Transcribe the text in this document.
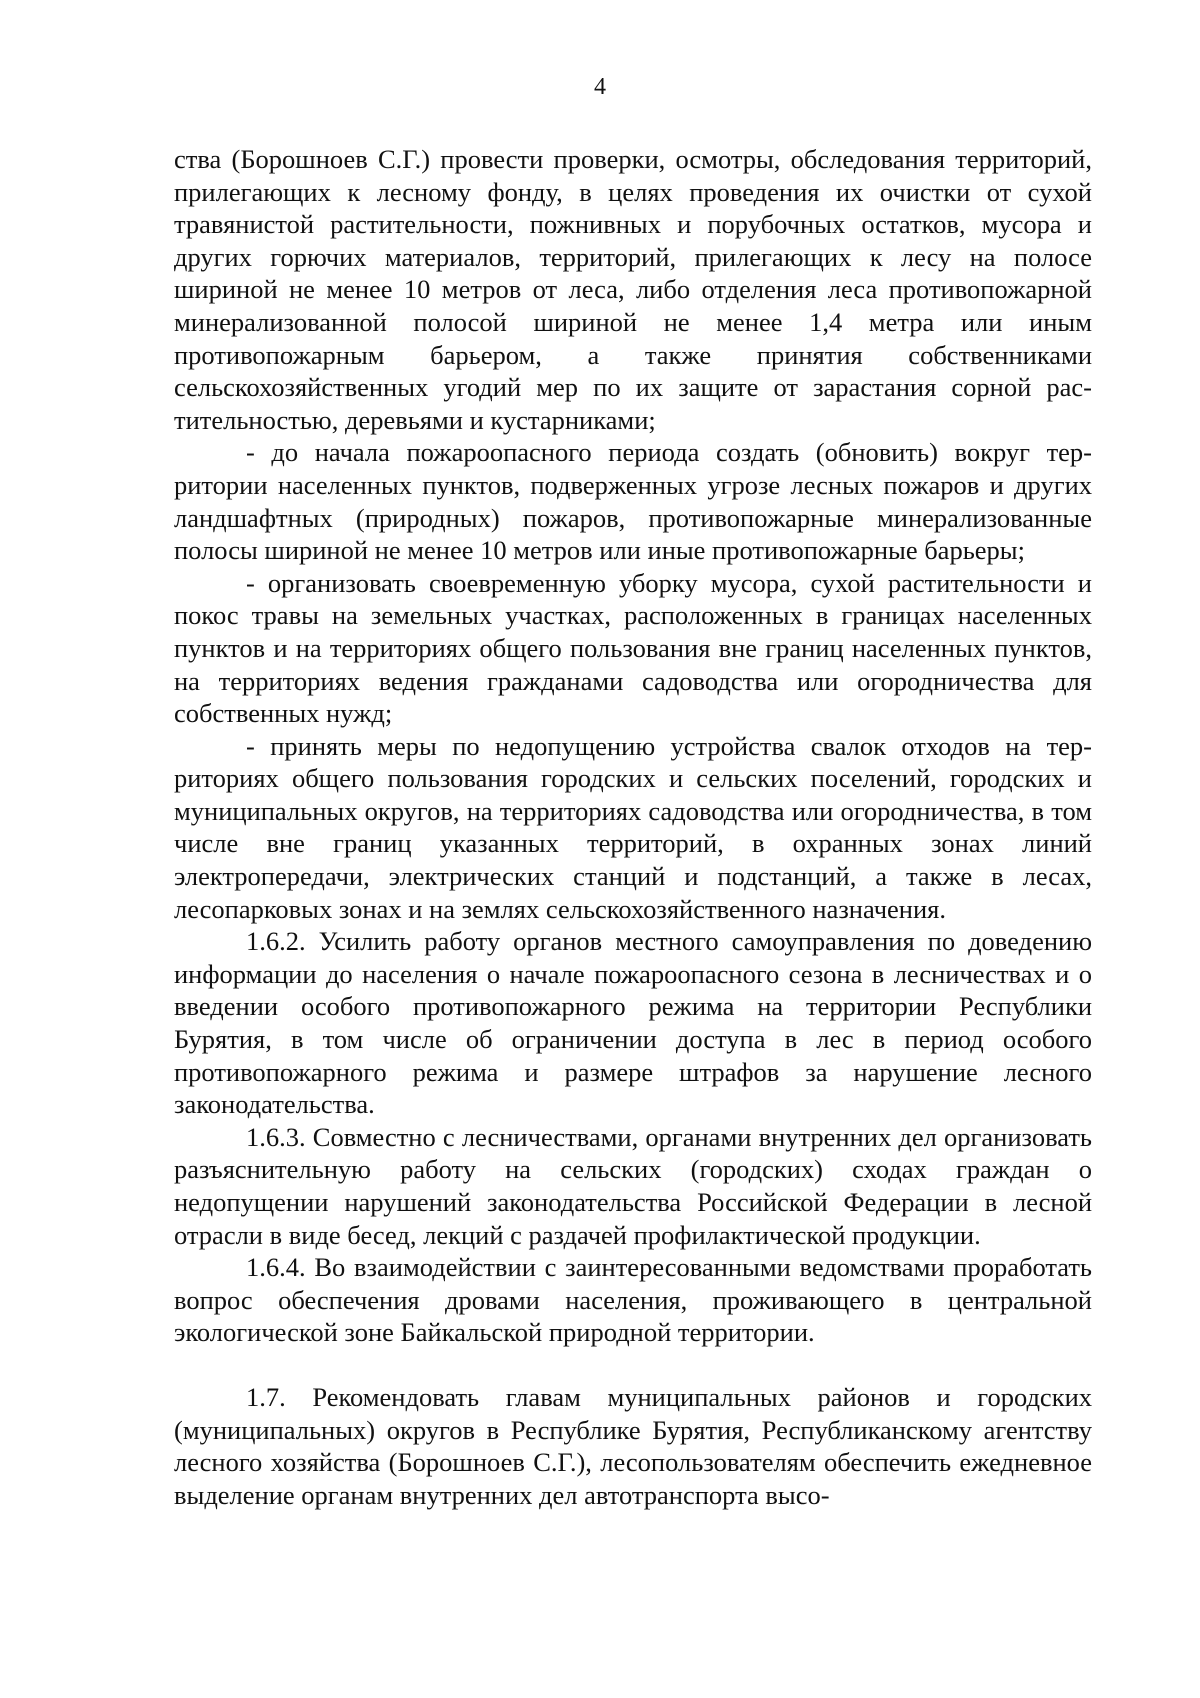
4

ства (Борошноев С.Г.) провести проверки, осмотры, обследования территорий, прилегающих к лесному фонду, в целях проведения их очистки от сухой травянистой растительности, пожнивных и порубочных остатков, мусора и других горючих материалов, территорий, прилегающих к лесу на полосе шириной не менее 10 метров от леса, либо отделения леса противопожарной минерализованной полосой шириной не менее 1,4 метра или иным противопожарным барьером, а также принятия собственниками сельскохозяйственных угодий мер по их защите от зарастания сорной растительностью, деревьями и кустарниками;

- до начала пожароопасного периода создать (обновить) вокруг территории населенных пунктов, подверженных угрозе лесных пожаров и других ландшафтных (природных) пожаров, противопожарные минерализованные полосы шириной не менее 10 метров или иные противопожарные барьеры;

- организовать своевременную уборку мусора, сухой растительности и покос травы на земельных участках, расположенных в границах населенных пунктов и на территориях общего пользования вне границ населенных пунктов, на территориях ведения гражданами садоводства или огородничества для собственных нужд;

- принять меры по недопущению устройства свалок отходов на территориях общего пользования городских и сельских поселений, городских и муниципальных округов, на территориях садоводства или огородничества, в том числе вне границ указанных территорий, в охранных зонах линий электропередачи, электрических станций и подстанций, а также в лесах, лесопарковых зонах и на землях сельскохозяйственного назначения.

1.6.2. Усилить работу органов местного самоуправления по доведению информации до населения о начале пожароопасного сезона в лесничествах и о введении особого противопожарного режима на территории Республики Бурятия, в том числе об ограничении доступа в лес в период особого противопожарного режима и размере штрафов за нарушение лесного законодательства.

1.6.3. Совместно с лесничествами, органами внутренних дел организовать разъяснительную работу на сельских (городских) сходах граждан о недопущении нарушений законодательства Российской Федерации в лесной отрасли в виде бесед, лекций с раздачей профилактической продукции.

1.6.4. Во взаимодействии с заинтересованными ведомствами проработать вопрос обеспечения дровами населения, проживающего в центральной экологической зоне Байкальской природной территории.

1.7. Рекомендовать главам муниципальных районов и городских (муниципальных) округов в Республике Бурятия, Республиканскому агентству лесного хозяйства (Борошноев С.Г.), лесопользователям обеспечить ежедневное выделение органам внутренних дел автотранспорта высо-
